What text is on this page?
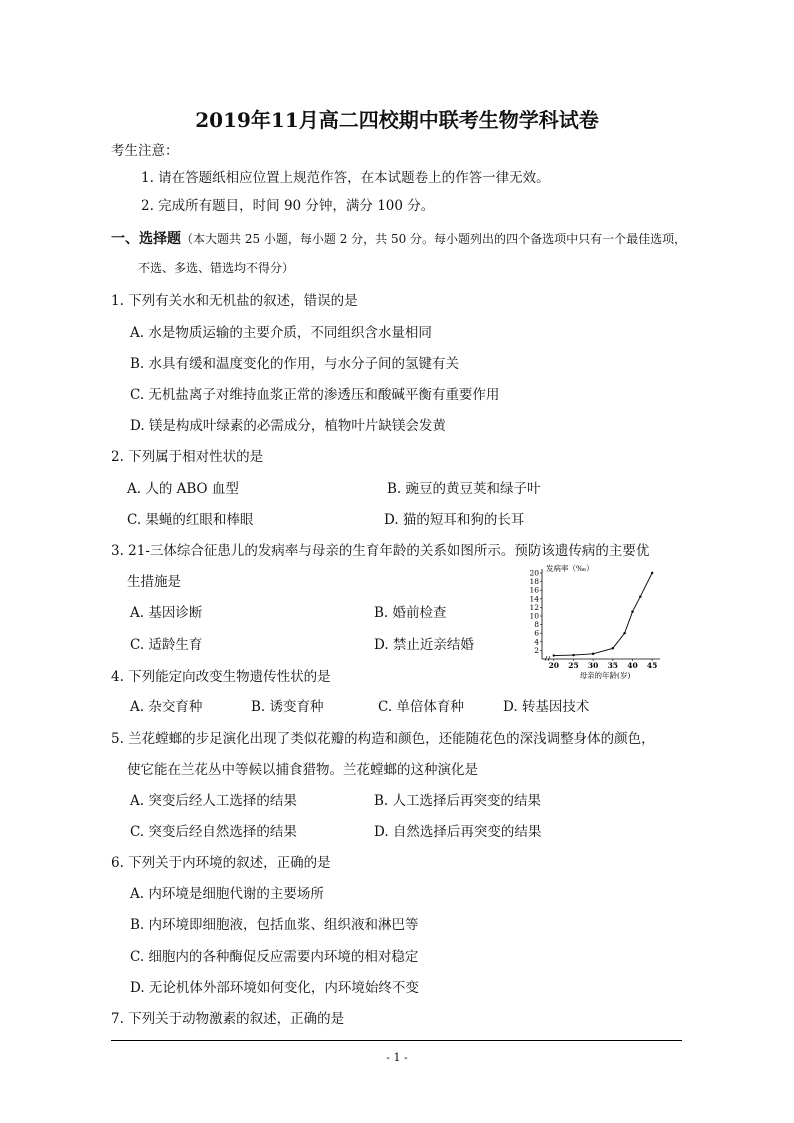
2019年11月高二四校期中联考生物学科试卷
考生注意：
1. 请在答题纸相应位置上规范作答，在本试题卷上的作答一律无效。
2. 完成所有题目，时间 90 分钟，满分 100 分。
一、选择题（本大题共 25 小题，每小题 2 分，共 50 分。每小题列出的四个备选项中只有一个最佳选项，
不选、多选、错选均不得分）
1. 下列有关水和无机盐的叙述，错误的是
A. 水是物质运输的主要介质，不同组织含水量相同
B. 水具有缓和温度变化的作用，与水分子间的氢键有关
C. 无机盐离子对维持血浆正常的渗透压和酸碱平衡有重要作用
D. 镁是构成叶绿素的必需成分，植物叶片缺镁会发黄
2. 下列属于相对性状的是
A. 人的 ABO 血型	B. 豌豆的黄豆荚和绿子叶
C. 果蝇的红眼和棒眼	D. 猫的短耳和狗的长耳
3. 21-三体综合征患儿的发病率与母亲的生育年龄的关系如图所示。预防该遗传病的主要优
生措施是
A. 基因诊断	B. 婚前检查
C. 适龄生育	D. 禁止近亲结婚	2
4
6
8
10
12
14
16
18
20
20 25 30 35 40 45
发病率（‰）
母亲的年龄(岁)
4. 下列能定向改变生物遗传性状的是
A. 杂交育种	B. 诱变育种	C. 单倍体育种	D. 转基因技术
5. 兰花螳螂的步足演化出现了类似花瓣的构造和颜色，还能随花色的深浅调整身体的颜色，
使它能在兰花丛中等候以捕食猎物。兰花螳螂的这种演化是
A. 突变后经人工选择的结果	B. 人工选择后再突变的结果
C. 突变后经自然选择的结果	D. 自然选择后再突变的结果
6. 下列关于内环境的叙述，正确的是
A. 内环境是细胞代谢的主要场所
B. 内环境即细胞液，包括血浆、组织液和淋巴等
C. 细胞内的各种酶促反应需要内环境的相对稳定
D. 无论机体外部环境如何变化，内环境始终不变
7. 下列关于动物激素的叙述，正确的是
- 1 -
